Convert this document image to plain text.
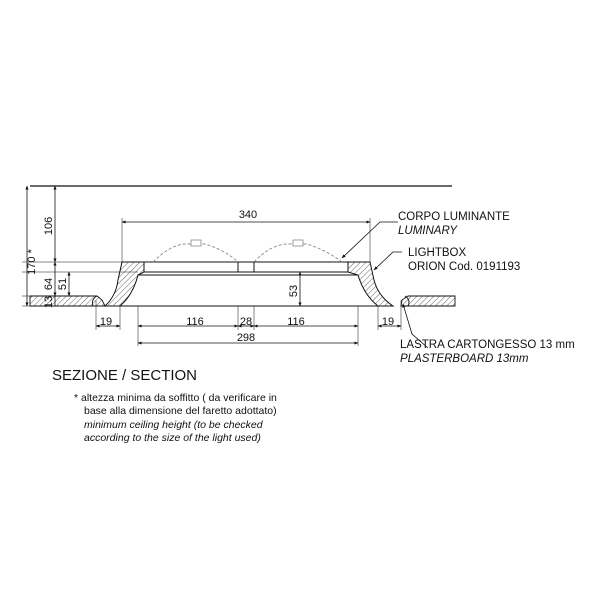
170 *
106
64 51
13
53
340
19	116	28	116	19
298
CORPO LUMINANTE
LUMINARY
LIGHTBOX
ORION Cod. 0191193
LASTRA CARTONGESSO 13 mm
PLASTERBOARD 13mm
SEZIONE / SECTION
* altezza minima da soffitto ( da verificare in
base alla dimensione del faretto adottato)
minimum ceiling height (to be checked
according to the size of the light used)
